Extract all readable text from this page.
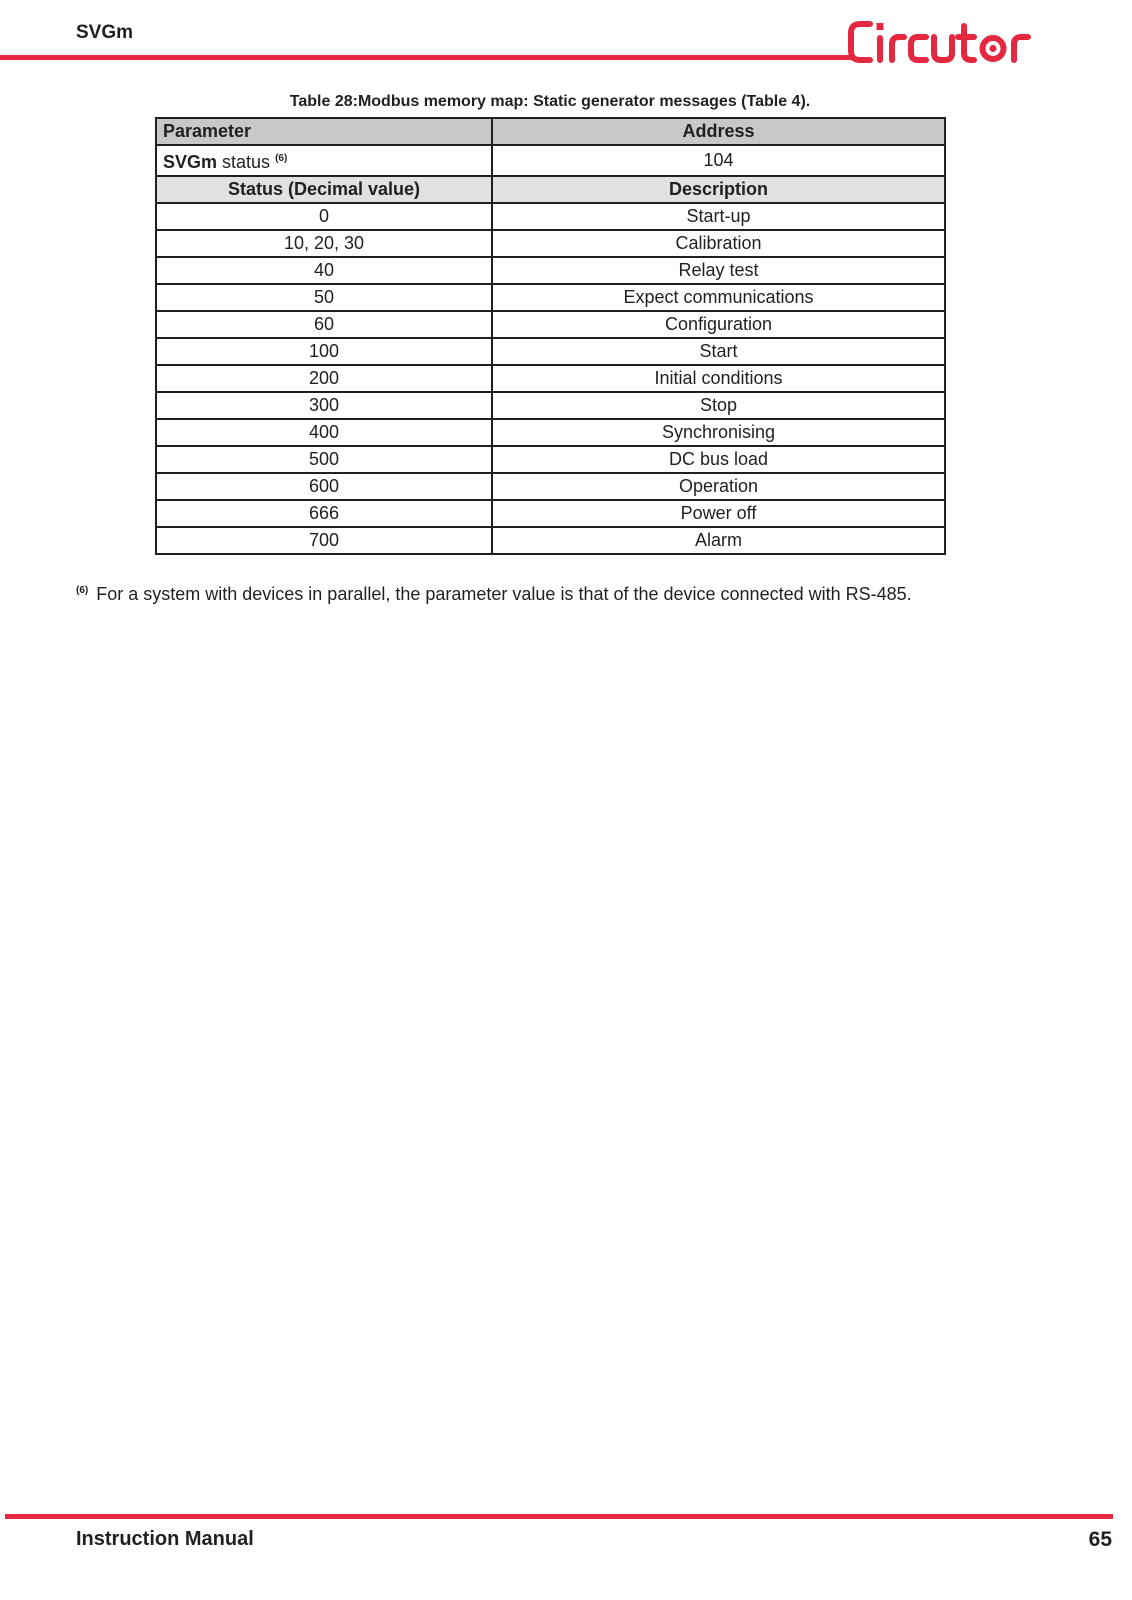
SVGm
Table 28:Modbus memory map: Static generator messages (Table 4).
Parameter	Address
SVGm status $^{(6)}$	104
Status (Decimal value)	Description
0	Start-up
10, 20, 30	Calibration
40	Relay test
50	Expect communications
60	Configuration
100	Start
200	Initial conditions
300	Stop
400	Synchronising
500	DC bus load
600	Operation
666	Power off
700	Alarm
$^{(6)}$ For a system with devices in parallel, the parameter value is that of the device connected with RS-485.
Instruction Manual	65
